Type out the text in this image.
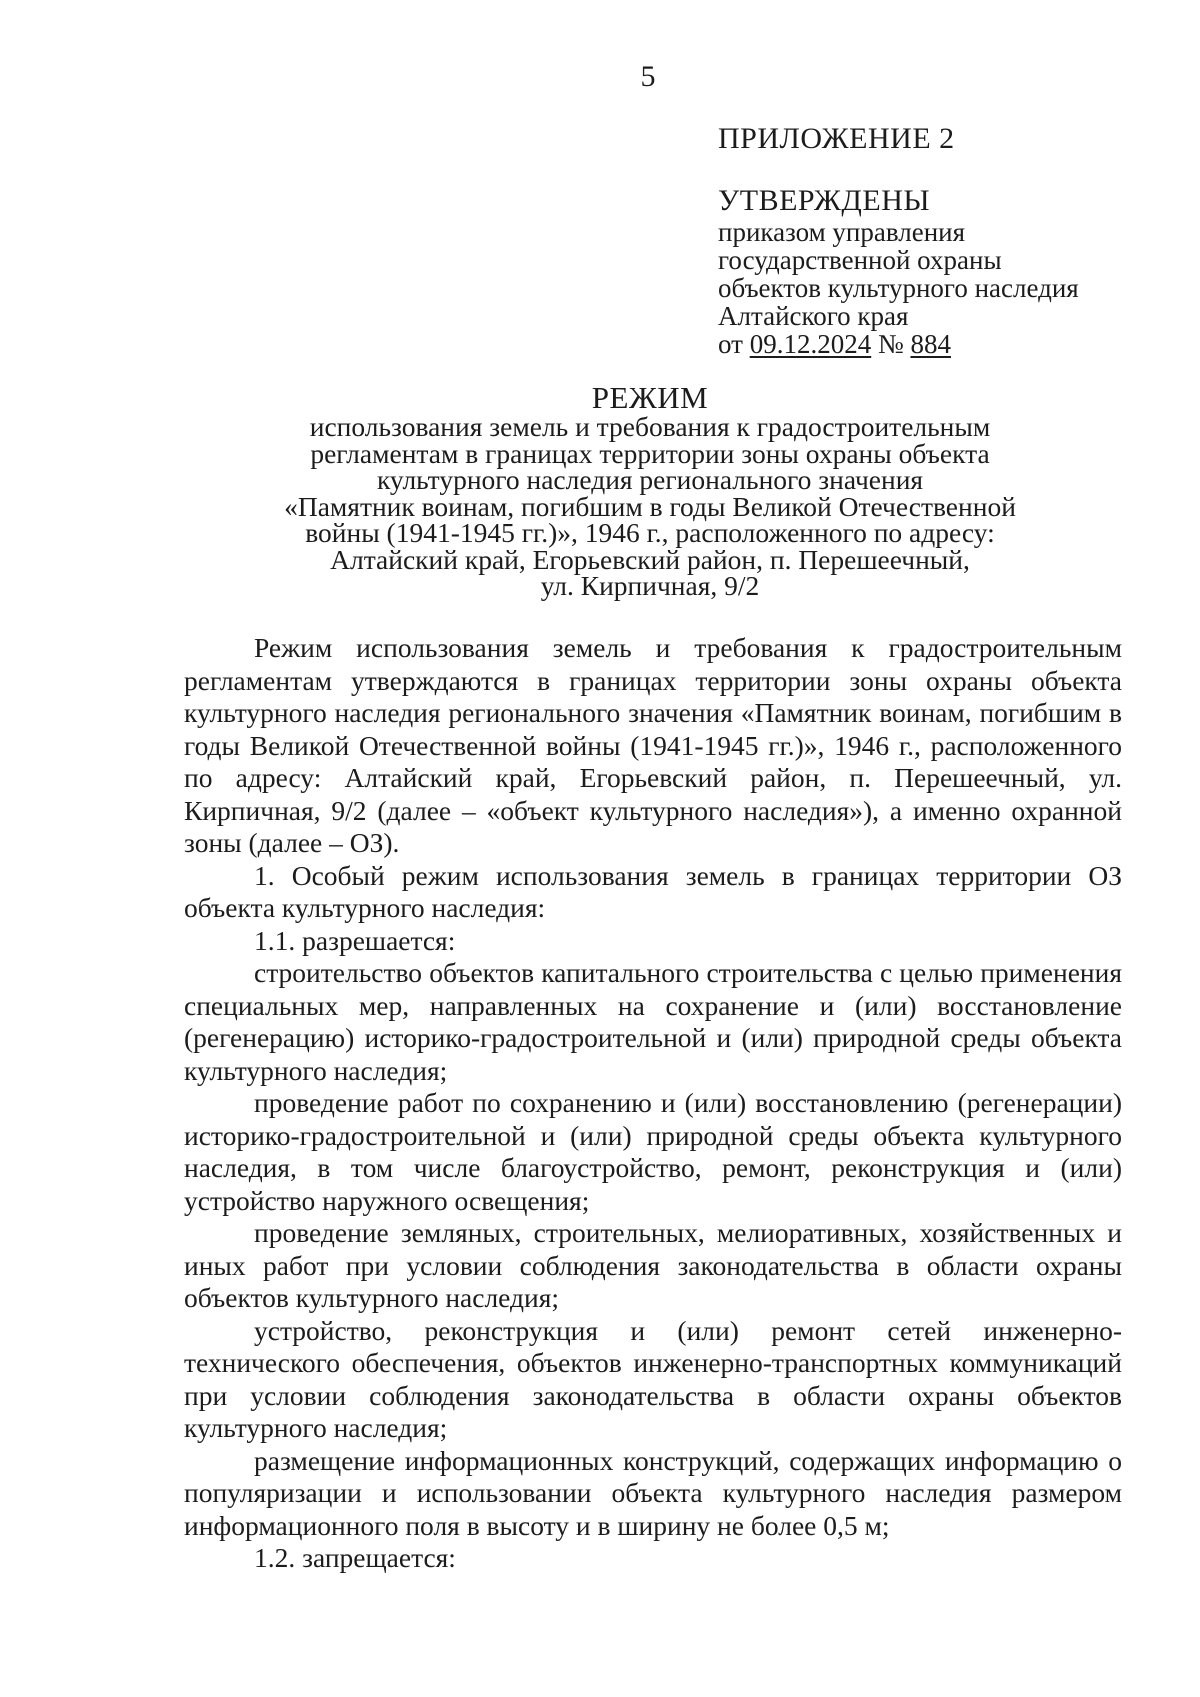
5
ПРИЛОЖЕНИЕ 2
УТВЕРЖДЕНЫ
приказом управления
государственной охраны
объектов культурного наследия
Алтайского края
от 09.12.2024 № 884
РЕЖИМ
использования земель и требования к градостроительным
регламентам в границах территории зоны охраны объекта
культурного наследия регионального значения
«Памятник воинам, погибшим в годы Великой Отечественной
войны (1941-1945 гг.)», 1946 г., расположенного по адресу:
Алтайский край, Егорьевский район, п. Перешеечный,
ул. Кирпичная, 9/2

Режим использования земель и требования к градостроительным регламентам утверждаются в границах территории зоны охраны объекта культурного наследия регионального значения «Памятник воинам, погибшим в годы Великой Отечественной войны (1941-1945 гг.)», 1946 г., расположенного по адресу: Алтайский край, Егорьевский район, п. Перешеечный, ул. Кирпичная, 9/2 (далее – «объект культурного наследия»), а именно охранной зоны (далее – ОЗ).

1. Особый режим использования земель в границах территории ОЗ объекта культурного наследия:

1.1. разрешается:

строительство объектов капитального строительства с целью применения специальных мер, направленных на сохранение и (или) восстановление (регенерацию) историко-градостроительной и (или) природной среды объекта культурного наследия;

проведение работ по сохранению и (или) восстановлению (регенерации) историко-градостроительной и (или) природной среды объекта культурного наследия, в том числе благоустройство, ремонт, реконструкция и (или) устройство наружного освещения;

проведение земляных, строительных, мелиоративных, хозяйственных и иных работ при условии соблюдения законодательства в области охраны объектов культурного наследия;

устройство, реконструкция и (или) ремонт сетей инженерно-технического обеспечения, объектов инженерно-транспортных коммуникаций при условии соблюдения законодательства в области охраны объектов культурного наследия;

размещение информационных конструкций, содержащих информацию о популяризации и использовании объекта культурного наследия размером информационного поля в высоту и в ширину не более 0,5 м;

1.2. запрещается:
